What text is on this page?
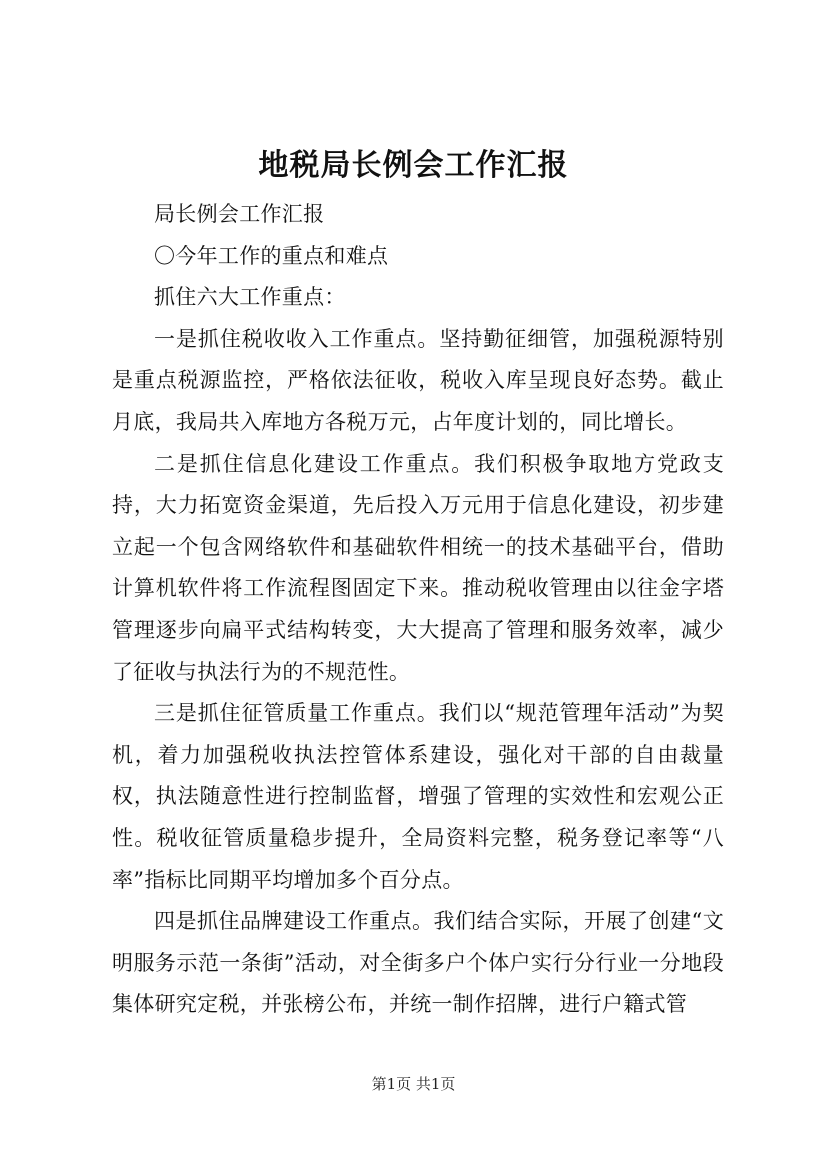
地税局长例会工作汇报

局长例会工作汇报

〇今年工作的重点和难点

抓住六大工作重点：

一是抓住税收收入工作重点。坚持勤征细管，加强税源特别是重点税源监控，严格依法征收，税收入库呈现良好态势。截止月底，我局共入库地方各税万元，占年度计划的，同比增长。

二是抓住信息化建设工作重点。我们积极争取地方党政支持，大力拓宽资金渠道，先后投入万元用于信息化建设，初步建立起一个包含网络软件和基础软件相统一的技术基础平台，借助计算机软件将工作流程图固定下来。推动税收管理由以往金字塔管理逐步向扁平式结构转变，大大提高了管理和服务效率，减少了征收与执法行为的不规范性。

三是抓住征管质量工作重点。我们以“规范管理年活动”为契机，着力加强税收执法控管体系建设，强化对干部的自由裁量权，执法随意性进行控制监督，增强了管理的实效性和宏观公正性。税收征管质量稳步提升，全局资料完整，税务登记率等“八率”指标比同期平均增加多个百分点。

四是抓住品牌建设工作重点。我们结合实际，开展了创建“文明服务示范一条街”活动，对全街多户个体户实行分行业一分地段集体研究定税，并张榜公布，并统一制作招牌，进行户籍式管

第1页 共1页
